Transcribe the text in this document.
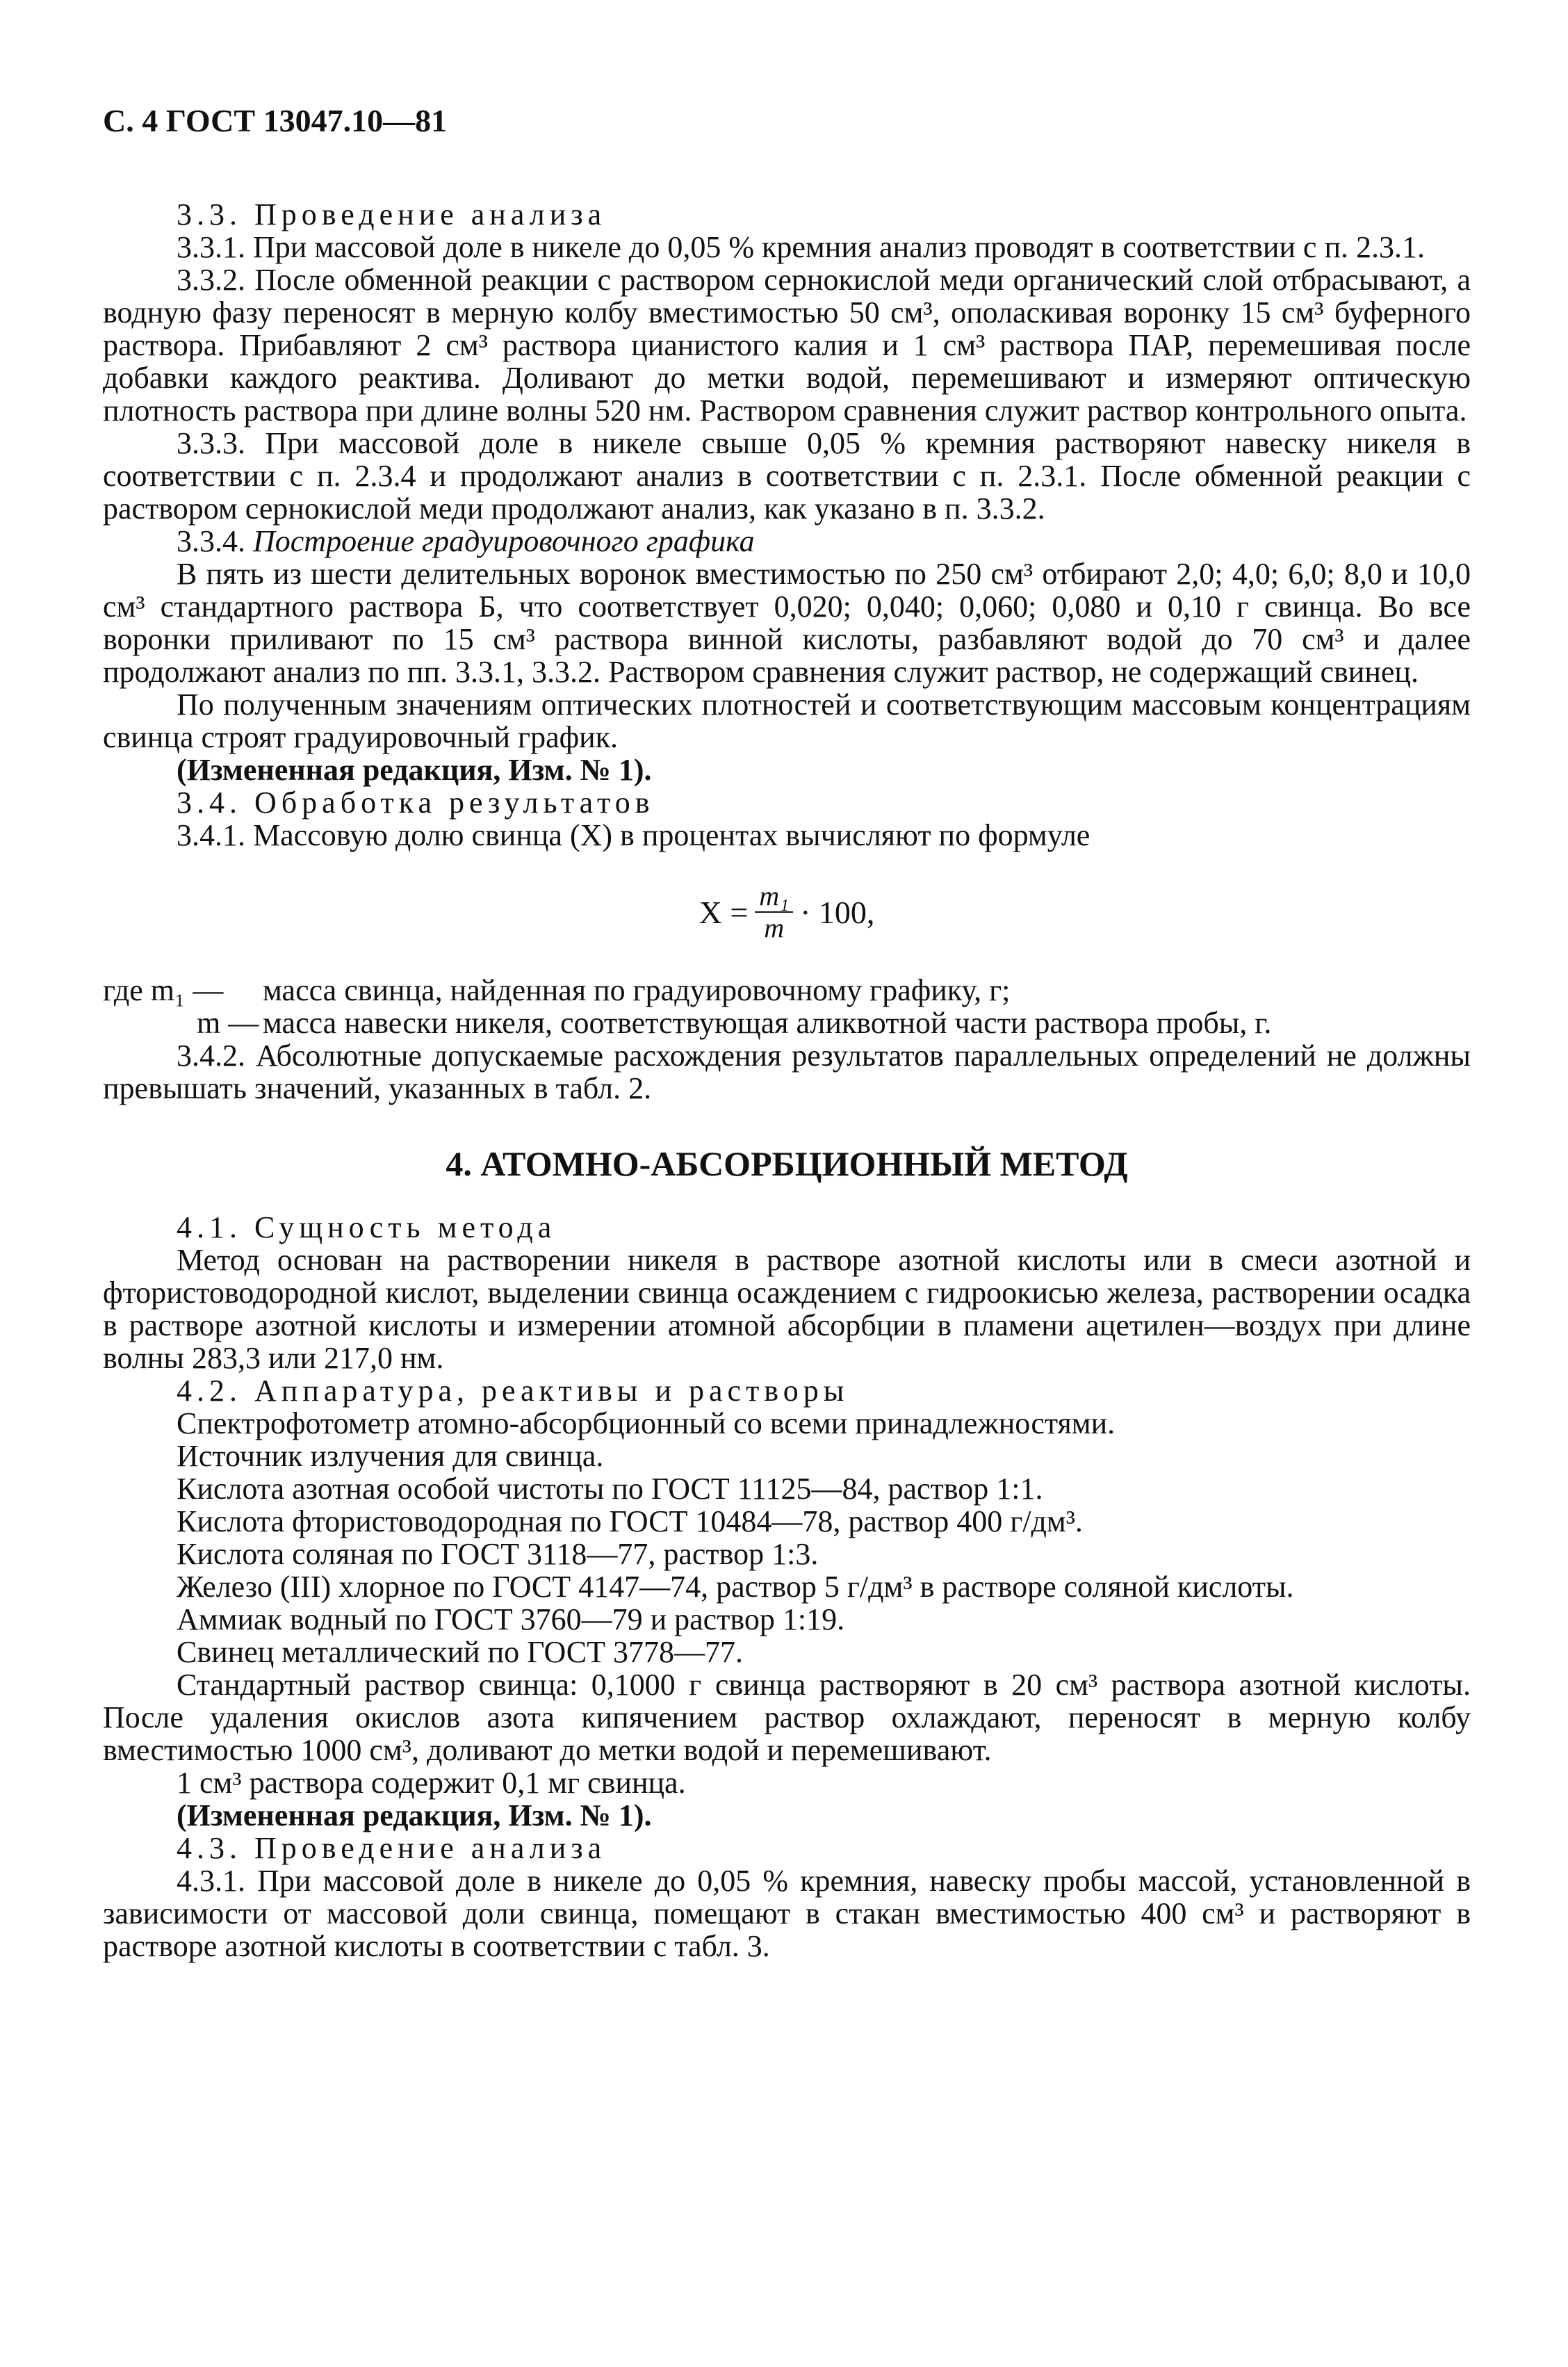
С. 4 ГОСТ 13047.10—81

3.3. Проведение анализа

3.3.1. При массовой доле в никеле до 0,05 % кремния анализ проводят в соответствии с п. 2.3.1.

3.3.2. После обменной реакции с раствором сернокислой меди органический слой отбрасывают, а водную фазу переносят в мерную колбу вместимостью 50 см³, ополаскивая воронку 15 см³ буферного раствора. Прибавляют 2 см³ раствора цианистого калия и 1 см³ раствора ПАР, перемешивая после добавки каждого реактива. Доливают до метки водой, перемешивают и измеряют оптическую плотность раствора при длине волны 520 нм. Раствором сравнения служит раствор контрольного опыта.

3.3.3. При массовой доле в никеле свыше 0,05 % кремния растворяют навеску никеля в соответствии с п. 2.3.4 и продолжают анализ в соответствии с п. 2.3.1. После обменной реакции с раствором сернокислой меди продолжают анализ, как указано в п. 3.3.2.

3.3.4. Построение градуировочного графика

В пять из шести делительных воронок вместимостью по 250 см³ отбирают 2,0; 4,0; 6,0; 8,0 и 10,0 см³ стандартного раствора Б, что соответствует 0,020; 0,040; 0,060; 0,080 и 0,10 г свинца. Во все воронки приливают по 15 см³ раствора винной кислоты, разбавляют водой до 70 см³ и далее продолжают анализ по пп. 3.3.1, 3.3.2. Раствором сравнения служит раствор, не содержащий свинец.

По полученным значениям оптических плотностей и соответствующим массовым концентрациям свинца строят градуировочный график.

(Измененная редакция, Изм. № 1).

3.4. Обработка результатов

3.4.1. Массовую долю свинца (X) в процентах вычисляют по формуле

$X = \frac{\text{m₁}}{m} \cdot 100$,
где m₁ —	масса свинца, найденная по градуировочному графику, г;
m — масса навески никеля, соответствующая аликвотной части раствора пробы, г.

3.4.2. Абсолютные допускаемые расхождения результатов параллельных определений не должны превышать значений, указанных в табл. 2.

4. АТОМНО-АБСОРБЦИОННЫЙ МЕТОД

4.1. Сущность метода

Метод основан на растворении никеля в растворе азотной кислоты или в смеси азотной и фтористоводородной кислот, выделении свинца осаждением с гидроокисью железа, растворении осадка в растворе азотной кислоты и измерении атомной абсорбции в пламени ацетилен—воздух при длине волны 283,3 или 217,0 нм.

4.2. Аппаратура, реактивы и растворы

Спектрофотометр атомно-абсорбционный со всеми принадлежностями.

Источник излучения для свинца.

Кислота азотная особой чистоты по ГОСТ 11125—84, раствор 1:1.

Кислота фтористоводородная по ГОСТ 10484—78, раствор 400 г/дм³.

Кислота соляная по ГОСТ 3118—77, раствор 1:3.

Железо (III) хлорное по ГОСТ 4147—74, раствор 5 г/дм³ в растворе соляной кислоты.

Аммиак водный по ГОСТ 3760—79 и раствор 1:19.

Свинец металлический по ГОСТ 3778—77.

Стандартный раствор свинца: 0,1000 г свинца растворяют в 20 см³ раствора азотной кислоты. После удаления окислов азота кипячением раствор охлаждают, переносят в мерную колбу вместимостью 1000 см³, доливают до метки водой и перемешивают.

1 см³ раствора содержит 0,1 мг свинца.

(Измененная редакция, Изм. № 1).

4.3. Проведение анализа

4.3.1. При массовой доле в никеле до 0,05 % кремния, навеску пробы массой, установленной в зависимости от массовой доли свинца, помещают в стакан вместимостью 400 см³ и растворяют в растворе азотной кислоты в соответствии с табл. 3.
